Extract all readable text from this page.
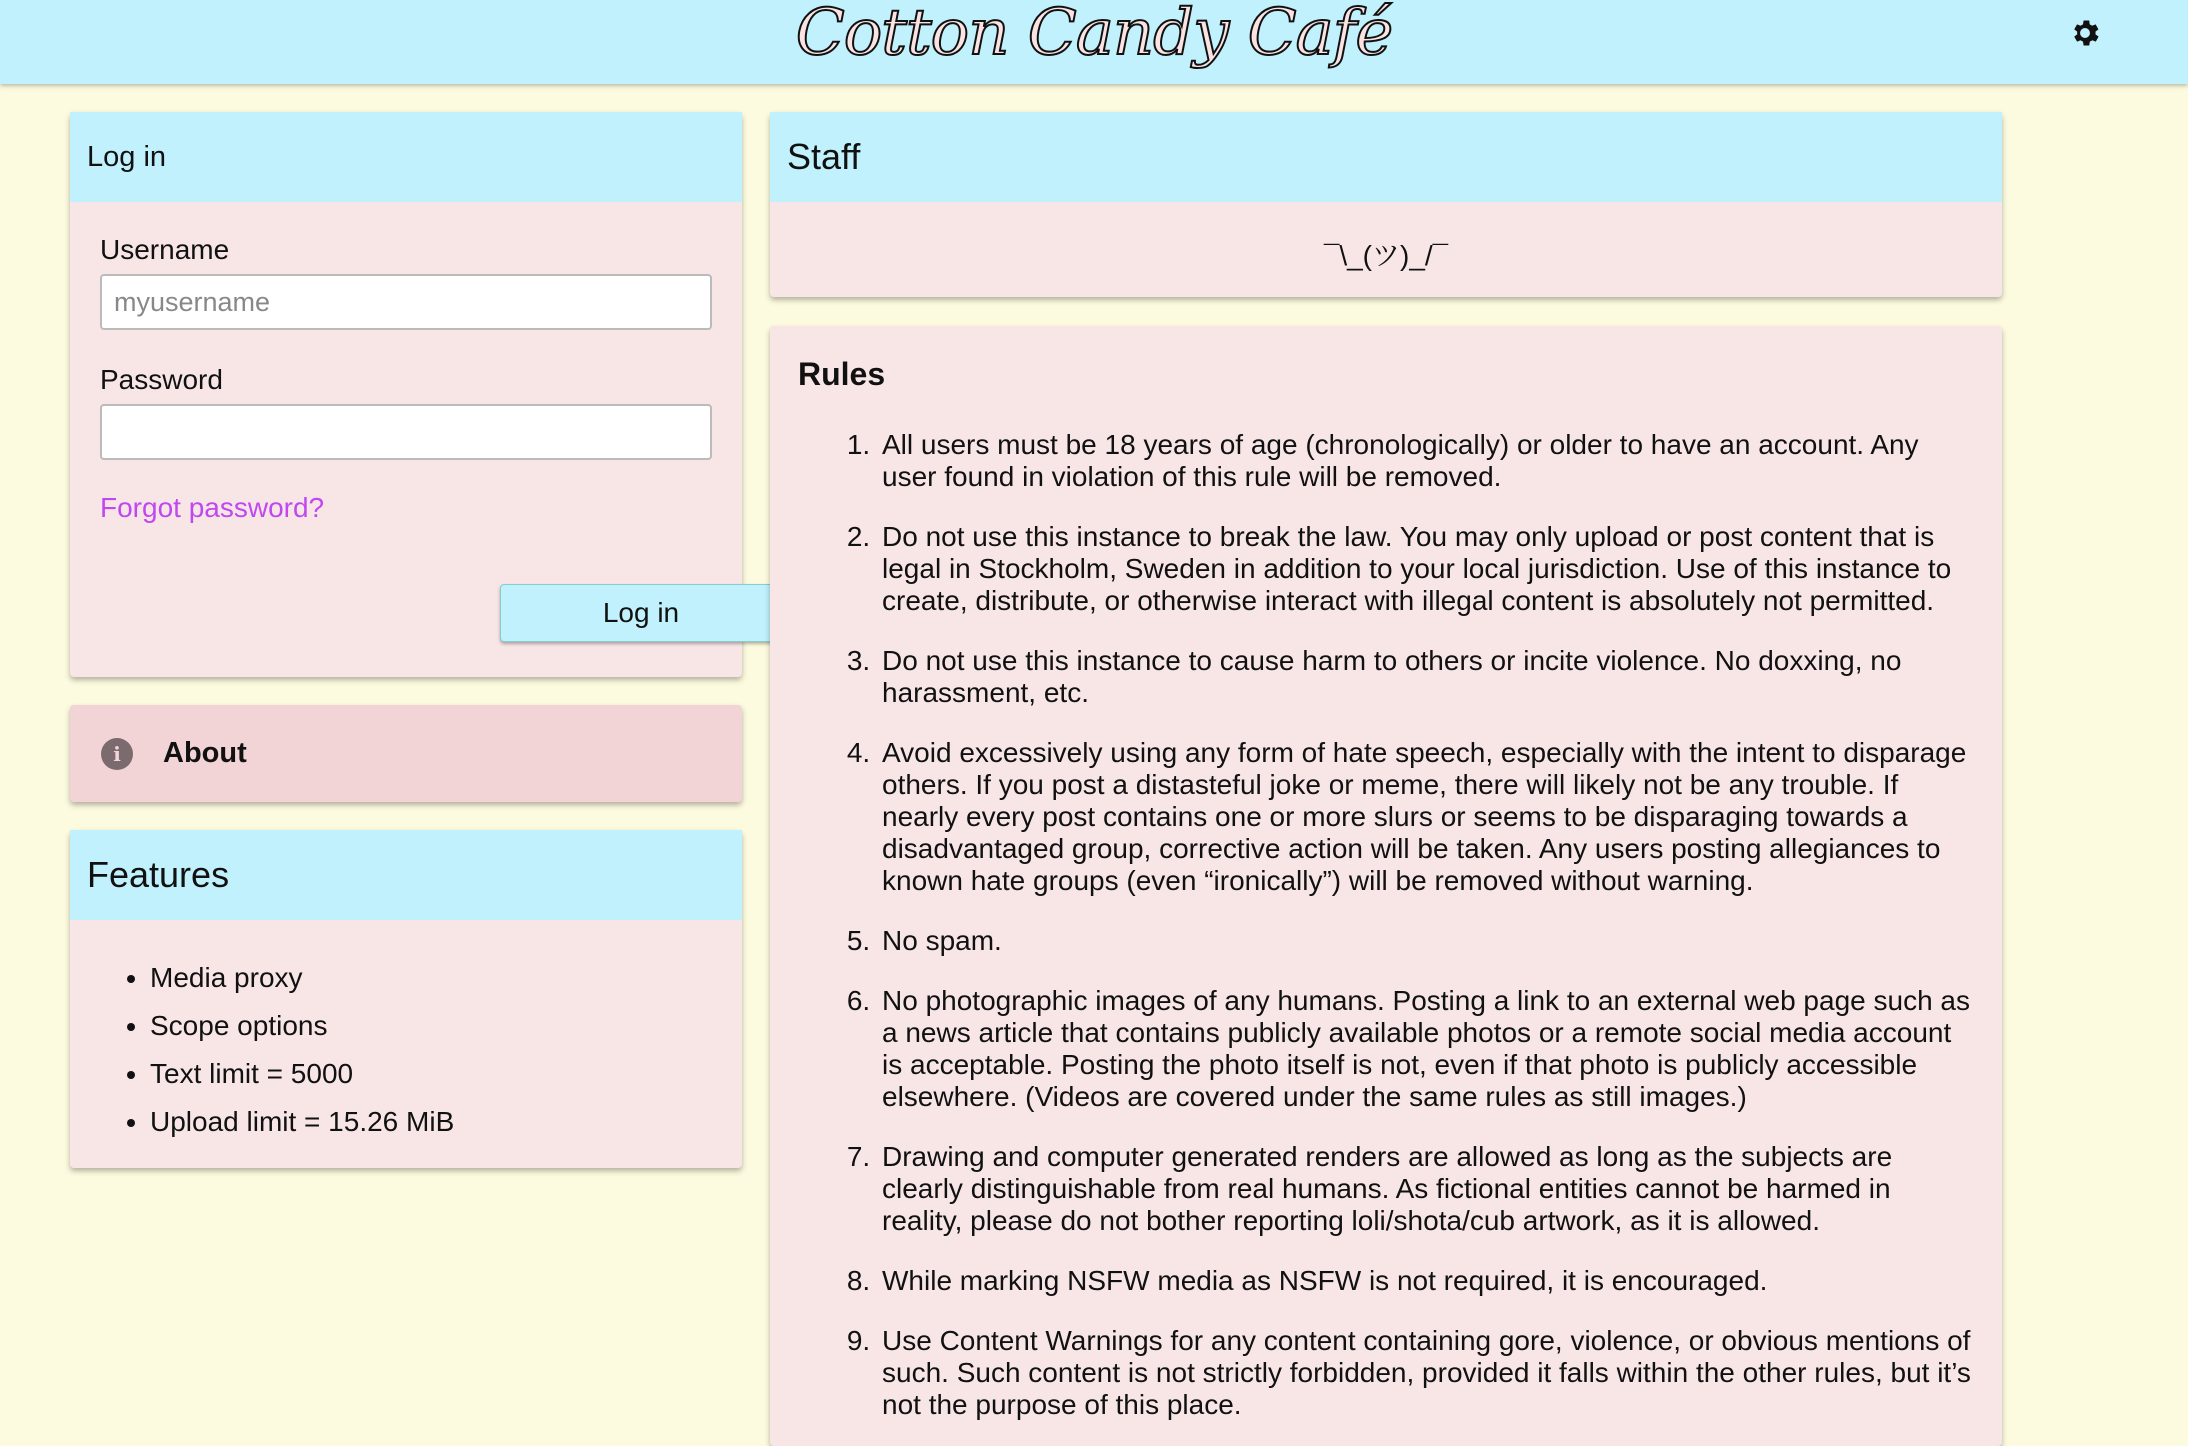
Cotton Candy Café
Log in
Username
myusername
Password
Forgot password?
Log in
i	About
Features
• Media proxy
• Scope options
• Text limit = 5000
• Upload limit = 15.26 MiB
Staff
¯\_(ツ)_/¯
Rules
1. All users must be 18 years of age (chronologically) or older to have an account. Any user found in violation of this rule will be removed.
2. Do not use this instance to break the law. You may only upload or post content that is legal in Stockholm, Sweden in addition to your local jurisdiction. Use of this instance to create, distribute, or otherwise interact with illegal content is absolutely not permitted.
3. Do not use this instance to cause harm to others or incite violence. No doxxing, no harassment, etc.
4. Avoid excessively using any form of hate speech, especially with the intent to disparage others. If you post a distasteful joke or meme, there will likely not be any trouble. If nearly every post contains one or more slurs or seems to be disparaging towards a disadvantaged group, corrective action will be taken. Any users posting allegiances to known hate groups (even “ironically”) will be removed without warning.
5. No spam.
6. No photographic images of any humans. Posting a link to an external web page such as a news article that contains publicly available photos or a remote social media account is acceptable. Posting the photo itself is not, even if that photo is publicly accessible elsewhere. (Videos are covered under the same rules as still images.)
7. Drawing and computer generated renders are allowed as long as the subjects are clearly distinguishable from real humans. As fictional entities cannot be harmed in reality, please do not bother reporting loli/shota/cub artwork, as it is allowed.
8. While marking NSFW media as NSFW is not required, it is encouraged.
9. Use Content Warnings for any content containing gore, violence, or obvious mentions of such. Such content is not strictly forbidden, provided it falls within the other rules, but it’s not the purpose of this place.
